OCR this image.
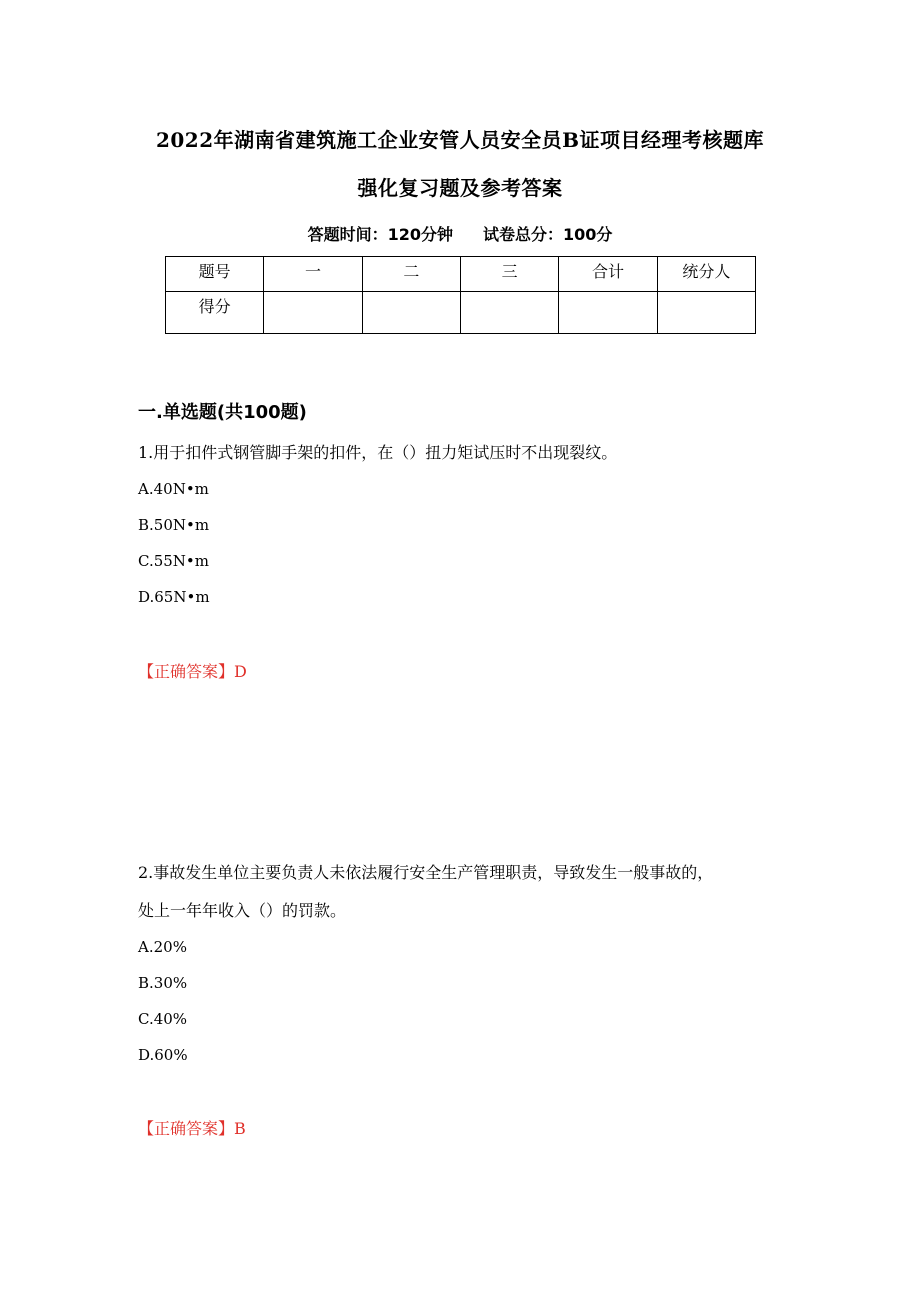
2022年湖南省建筑施工企业安管人员安全员B证项目经理考核题库
强化复习题及参考答案
答题时间：120分钟 试卷总分：100分
题号	一	二	三	合计	统分人
得分					
一.单选题(共100题)
1.用于扣件式钢管脚手架的扣件，在（）扭力矩试压时不出现裂纹。
A.40N•m
B.50N•m
C.55N•m
D.65N•m
【正确答案】D
2.事故发生单位主要负责人未依法履行安全生产管理职责，导致发生一般事故的，
处上一年年收入（）的罚款。
A.20%
B.30%
C.40%
D.60%
【正确答案】B
